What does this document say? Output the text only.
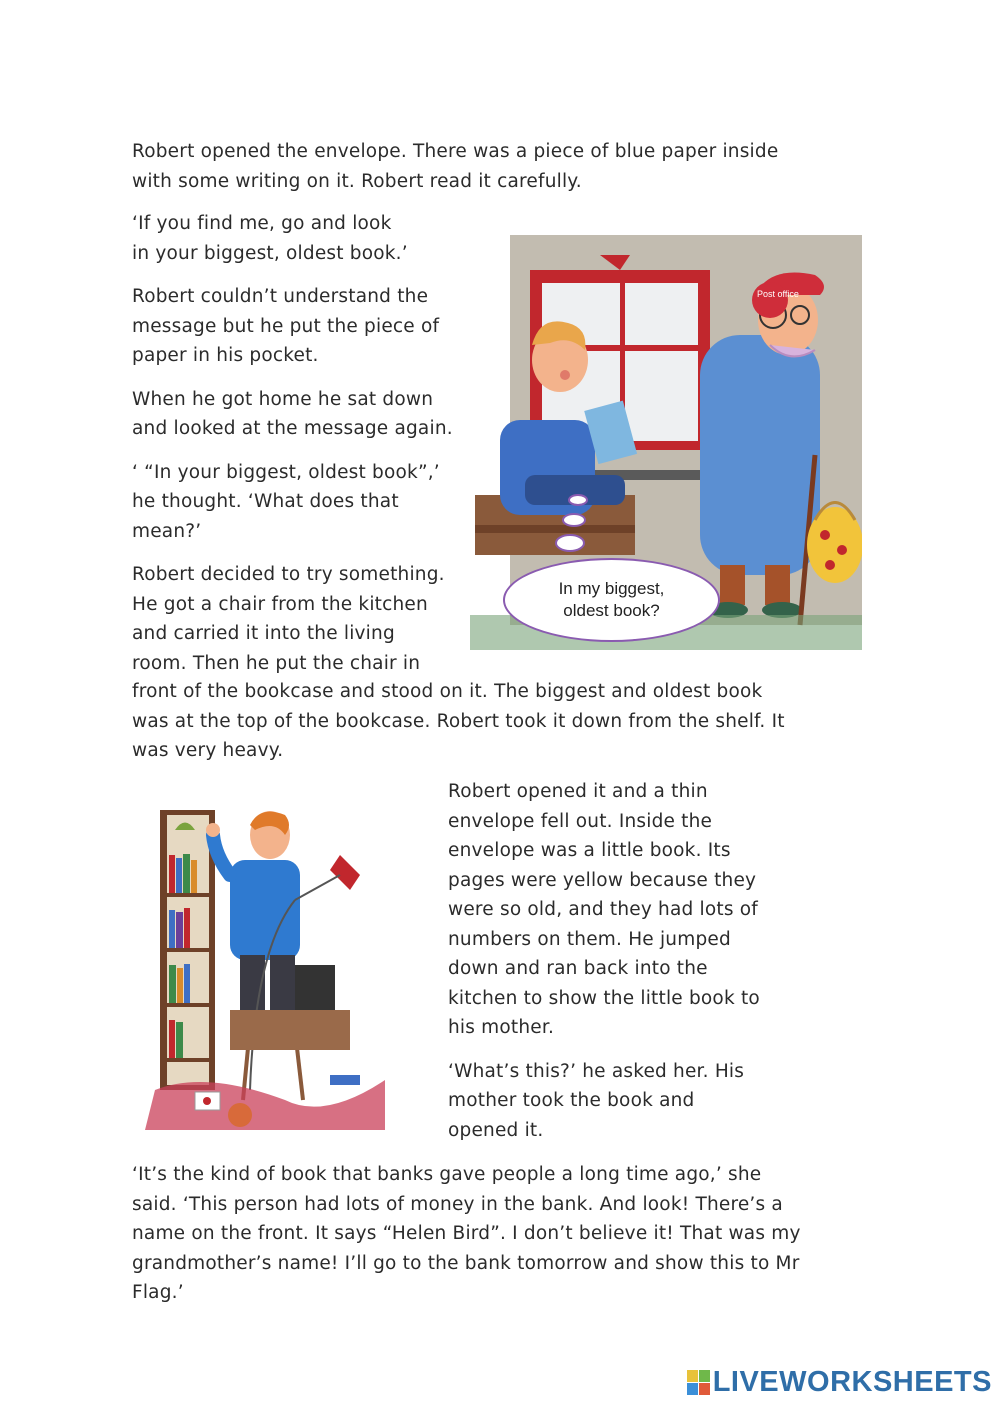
Robert opened the envelope. There was a piece of blue paper inside with some writing on it. Robert read it carefully.

‘If you find me, go and look in your biggest, oldest book.’

Robert couldn’t understand the message but he put the piece of paper in his pocket.

When he got home he sat down and looked at the message again.

‘ “In your biggest, oldest book”,’ he thought. ‘What does that mean?’

Robert decided to try something. He got a chair from the kitchen and carried it into the living room. Then he put the chair in

front of the bookcase and stood on it. The biggest and oldest book was at the top of the bookcase. Robert took it down from the shelf. It was very heavy.

Robert opened it and a thin envelope fell out. Inside the envelope was a little book. Its pages were yellow because they were so old, and they had lots of numbers on them. He jumped down and ran back into the kitchen to show the little book to his mother.

‘What’s this?’ he asked her. His mother took the book and opened it.

‘It’s the kind of book that banks gave people a long time ago,’ she said. ‘This person had lots of money in the bank. And look! There’s a name on the front. It says “Helen Bird”. I don’t believe it! That was my grandmother’s name! I’ll go to the bank tomorrow and show this to Mr Flag.’

Post office
In my biggest,
oldest book?
LIVEWORKSHEETS
